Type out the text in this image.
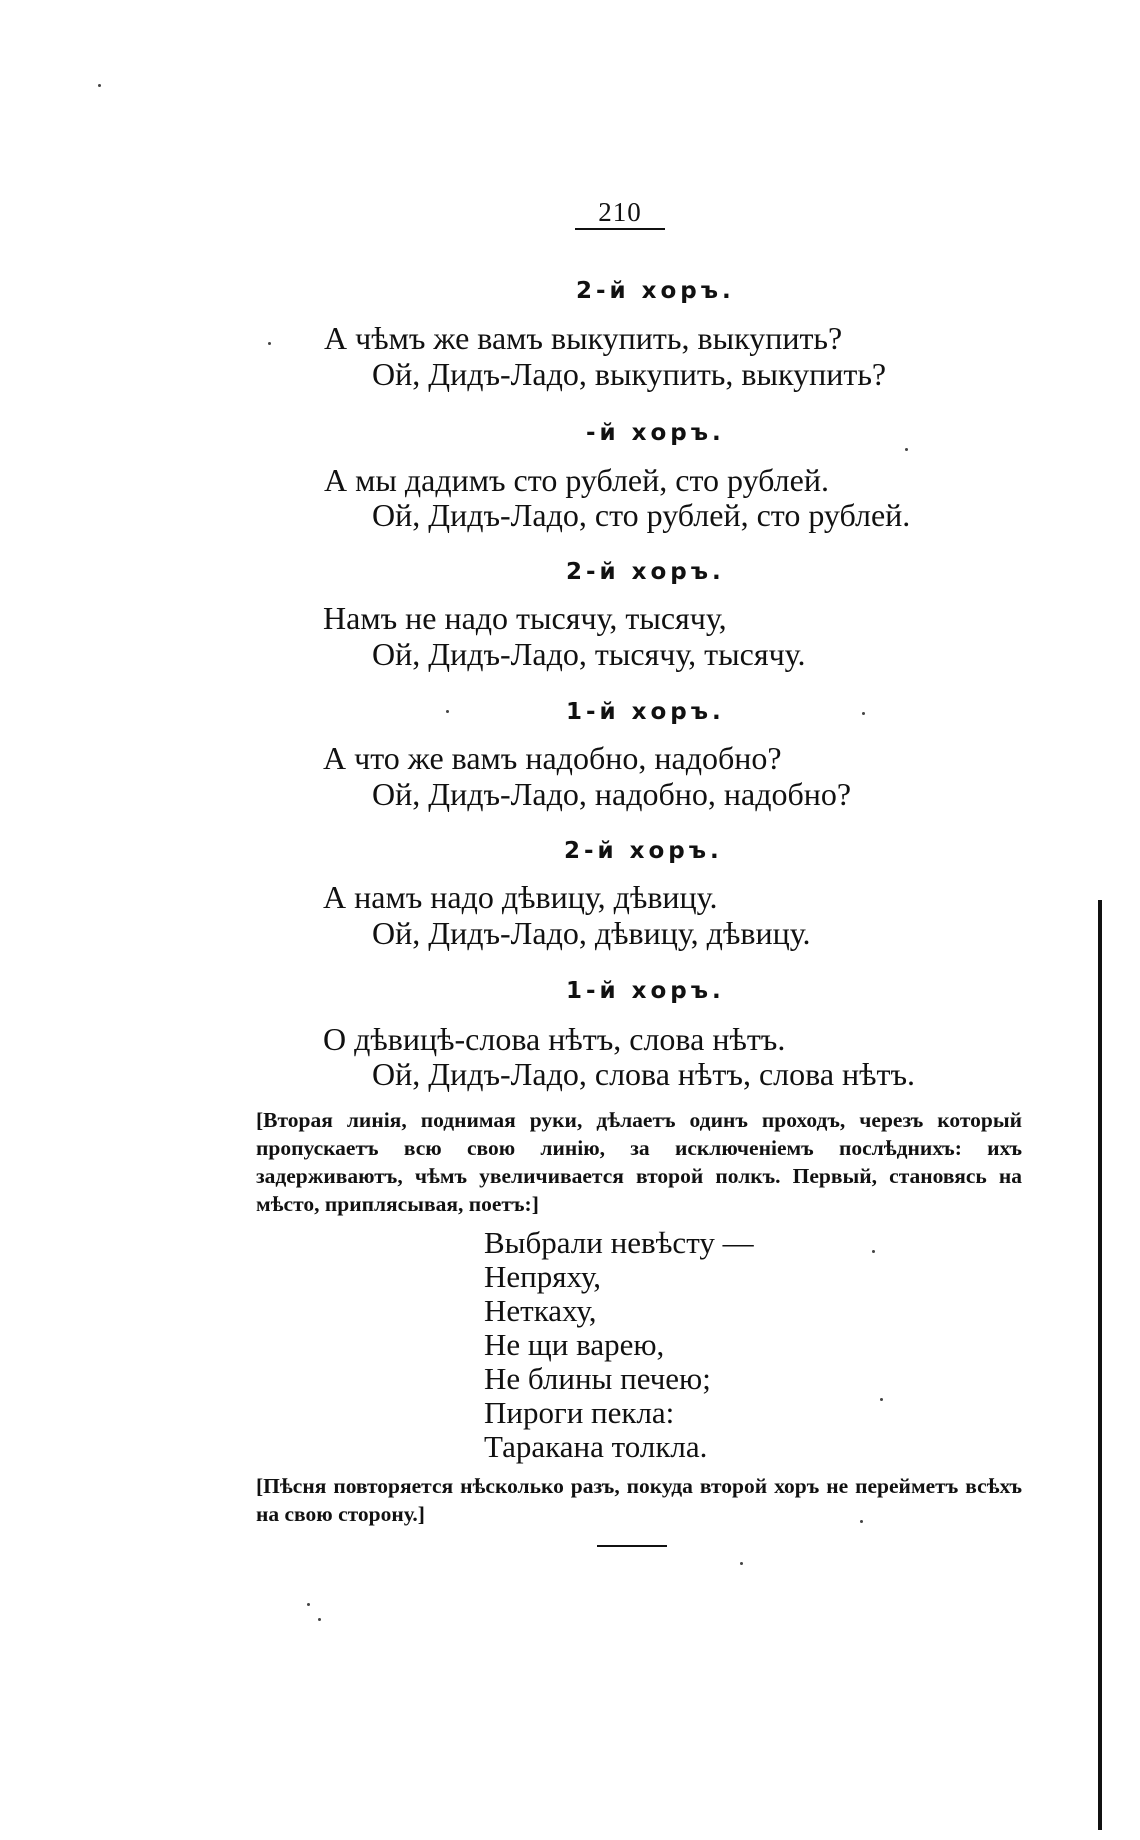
210
2-й хоръ.
А чѣмъ же вамъ выкупить, выкупить?
Ой, Дидъ-Ладо, выкупить, выкупить?
-й хоръ.
А мы дадимъ сто рублей, сто рублей.
Ой, Дидъ-Ладо, сто рублей, сто рублей.
2-й хоръ.
Намъ не надо тысячу, тысячу,
Ой, Дидъ-Ладо, тысячу, тысячу.
1-й хоръ.
А что же вамъ надобно, надобно?
Ой, Дидъ-Ладо, надобно, надобно?
2-й хоръ.
А намъ надо дѣвицу, дѣвицу.
Ой, Дидъ-Ладо, дѣвицу, дѣвицу.
1-й хоръ.
О дѣвицѣ-слова нѣтъ, слова нѣтъ.
Ой, Дидъ-Ладо, слова нѣтъ, слова нѣтъ.
[Вторая линія, поднимая руки, дѣлаетъ одинъ проходъ, черезъ который пропускаетъ всю свою линію, за исключеніемъ послѣднихъ: ихъ задерживаютъ, чѣмъ увеличивается второй полкъ. Первый, становясь на мѣсто, приплясывая, поетъ:]
Выбрали невѣсту —
Непряху,
Неткаху,
Не щи варею,
Не блины печею;
Пироги пекла:
Таракана толкла.
[Пѣсня повторяется нѣсколько разъ, покуда второй хоръ не перейметъ всѣхъ на свою сторону.]
